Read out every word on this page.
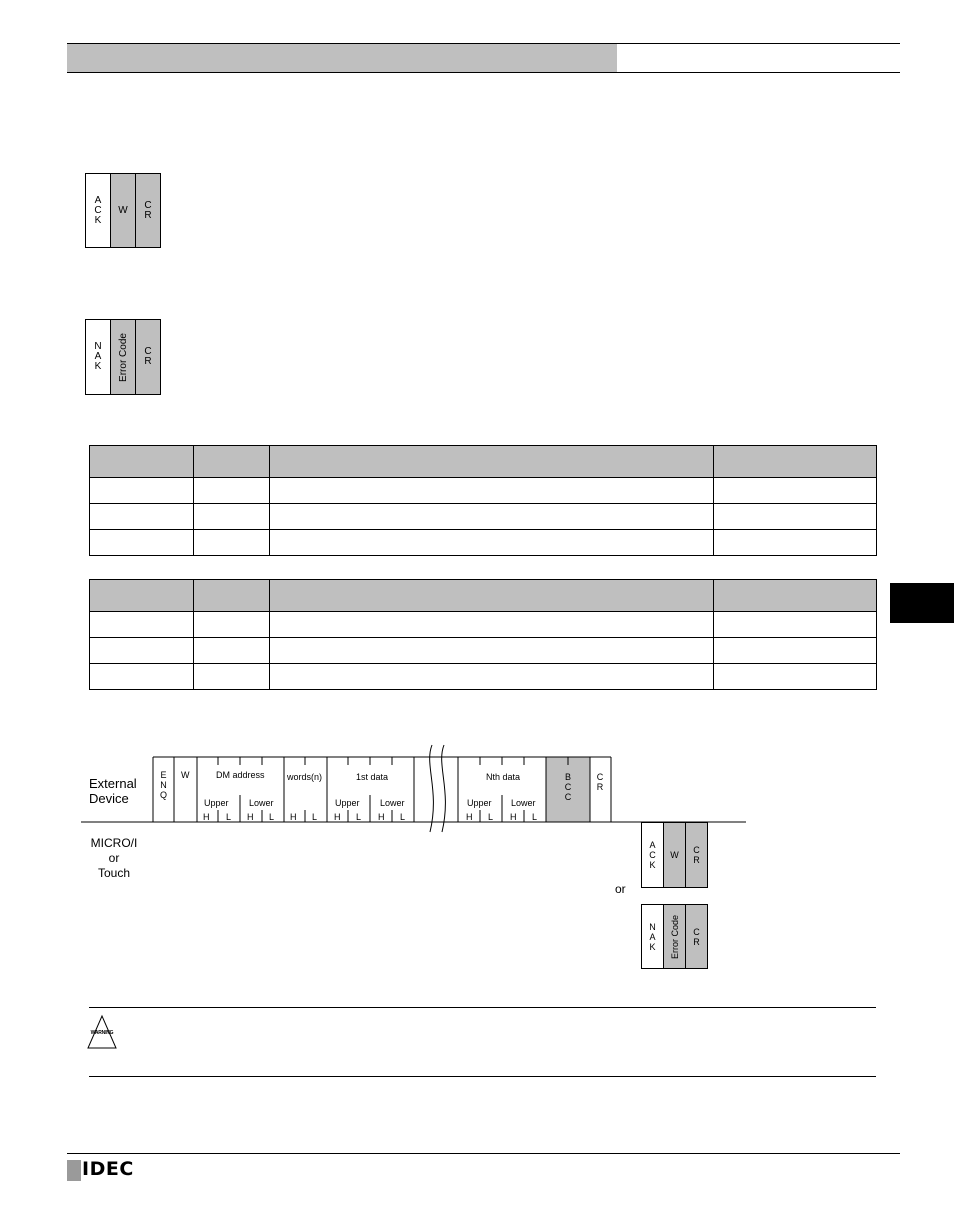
A
C
K
W C
R
N
A
K Error Code C
R

External
Device
MICRO/I
or
Touch
E
N
Q
W	DM address
Upper Lower
H L H L
words(n)
H L
1st data
Upper Lower
H L H L
Nth data
Upper Lower
H L H L
B
C
C
C
R
A
C
K
W C
R
or
N
A
K Error Code C
R
WARNING
IDEC
